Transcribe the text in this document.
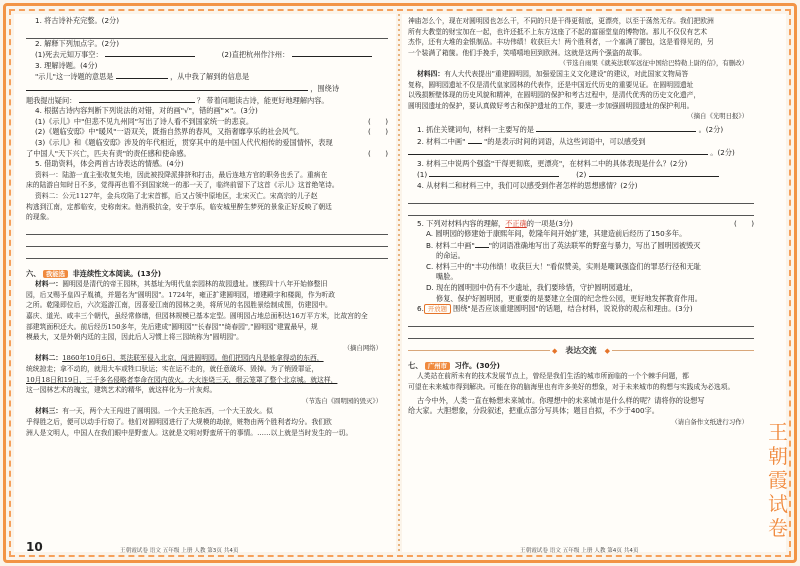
1. 将古诗补充完整。(2分)

2. 解释下列加点字。(2分)

(1)死去元知万事空：	(2)直把杭州作汴州：

3. 理解诗题。(4分)

"示儿"这一诗题的意思是	，从中我了解到的信息是

，围绕诗

题我提出疑问：	？ 带着问题读古诗，能更好地理解内容。

4. 根据古诗内容判断下列说法的对错，对的画"√"，错的画"×"。(3分)

(1)《示儿》中"但悲不见九州同"写出了诗人看不到国家统一的悲哀。	(　　)

(2)《题临安邸》中"暖风"一语双关，既指自然界的春风，又指奢靡享乐的社会风气。	(　　)

(3)《示儿》和《题临安邸》涉及的年代相近，贯穿其中的是中国人代代相传的爱国情怀，表现

了中国人"天下兴亡，匹夫有责"的责任感和使命感。	(　　)

5. 借助资料，体会两首古诗表达的情感。(4分)

资料一：陆游一直主张收复失地，因此被投降派排挤和打击，最后连地方官的职务也丢了。重病在

床的陆游自知时日不多，觉得再也看不到国家统一的那一天了，临终前留下了这首《示儿》这首绝笔诗。

资料二：公元1127年，金兵攻陷了北宋首都，后又占领中原地区，北宋灭亡。宋高宗的儿子赵

构逃到江南，定都临安，史称南宋。他消极抗金，安于享乐，临安城里醉生梦死的景象正好反映了朝廷

的现象。

六、 我能选 非连续性文本阅读。(13分)

材料一：圆明园是清代的帝王园林，其基址为明代皇亲园林的故园遗址。康熙四十八年开始修整旧

园，后又赐予皇四子胤禛，并题名为"圆明园"。1724年，雍正扩建圆明园，增建殿宇和楼阁，作为听政

之所。乾隆即位后，六次巡游江南，因喜爱江南的园林之美，将所见的名园胜景绘制成图，仿建园中。

嘉庆、道光、咸丰三个朝代，虽经常修缮，但园林规模已基本定型。圆明园占地总面积达16万平方米，比故宫的全

部建筑面积还大。前后经历150多年，先后建成"圆明园""长春园""绮春园","圆明园"建置最早，规

模最大，又是外朝内廷的主园，因此后人习惯上将三园统称为"圆明园"。

（摘自网络）

材料二：1860年10月6日，英法联军侵入北京，闯进圆明园。他们把园内凡是能拿得动的东西，

统统掠走；拿不动的，就用大车或牲口驮运；实在运不走的，就任意破坏、毁掉。为了销毁罪证，

10月18日和19日，三千多名侵略者奉命在园内放火。大火连烧三天，烟云笼罩了整个北京城。就这样，

这一园林艺术的瑰宝，建筑艺术的精华，就这样化为一片灰烬。

（节选自《圆明园的毁灭》）

材料三：有一天，两个大王闯进了圆明园。一个大王抢东西，一个大王放火。似

乎得胜之后，便可以动手行窃了。他们对圆明园进行了大规模的劫掠，赃物由两个胜利者均分。我们欧

洲人是文明人，中国人在我们眼中是野蛮人。这就是文明对野蛮所干的事情。……以上就是当时发生的一切。

神庙怎么个，现在对圆明园也怎么干，不同的只是干得更彻底，更漂亮，以至于荡然无存。我们把欧洲

所有大教堂的财宝加在一起，也许还抵不上东方这座了不起的富丽堂皇的博物馆。那儿不仅仅有艺术

杰作，还有大堆的金银制品。丰功伟绩！收获巨大！两个胜利者，一个塞满了腰包，这是看得见的，另

一个装满了箱箧。他们手挽手，笑嘻嘻地回到欧洲。这就是这两个强盗的故事。

（节选自雨果《就英法联军远征中国给巴特勒上尉的信》，有删改）

材料四：有人大代表提出"重建圆明园，加强爱国主义文化建设"的建议，对此国家文物局答

复称，圆明园遗址不仅是清代皇家园林的代表作，还是中国近代历史的重要见证。在圆明园遗址

以残损断壁体现的历史风貌和精神，在圆明园的保护和考古过程中，是清代优秀的历史文化遗产，

圆明园遗址的保护，要认真做好考古和保护遗址的工作，要进一步加强圆明园遗址的保护利用。

（摘自《光明日报》）

1. 抓住关键词句，材料一主要写的是	。(2分)

2. 材料二中画"	"的是表示时间的词语，从这些词语中，可以感受到

。(2分)

3. 材料三中说两个强盗"干得更彻底，更漂亮"，在材料二中的具体表现是什么？(2分)

(1)	(2)

4. 从材料二和材料三中，我们可以感受到作者怎样的思想感情？(2分)

5. 下列对材料内容的理解，不正确的一项是(3分)	(　　)

A. 圆明园的修建始于康熙年间，乾隆年间开始扩建，其建造前后经历了150多年。

B. 材料二中画" "的词语准确地写出了英法联军的野蛮与暴力，写出了圆明园被毁灭

的命运。

C. 材料三中的"丰功伟绩！收获巨大！"看似赞美，实则是嘲讽强盗们的罪恶行径和无耻

嘴脸。

D. 现在的圆明园中仍有不少遗址，我们要珍惜，守护圆明园遗址，

修复、保护好圆明园，更重要的是要建立全面的纪念性公园，更好地发挥教育作用。

6. 开放题 围绕"是否应该重建圆明园"的话题，结合材料，说说你的观点和理由。(3分)

◆	表达交流	◆

七、 广州市 习作。(30分)

人类站在前所未有的技术发展节点上，曾经是我们生活的城市所面临的一个个棘手问题，都

可望在未来城市得到解决。可能在你的脑海里也有许多美好的想象，对于未来城市的构想与实践成为必选项。

古今中外，人类一直在畅想未来城市。你理想中的未来城市是什么样的呢？请将你的设想写

给大家。大胆想象，分段叙述，把重点部分写具体；题目自拟，不少于400字。

（请自备作文纸进行习作）

10	王朝霞试卷 语文 五年级 上册 人教 第3页 共4页	王朝霞试卷 语文 五年级 上册 人教 第4页 共4页
王
朝
霞
试
卷
